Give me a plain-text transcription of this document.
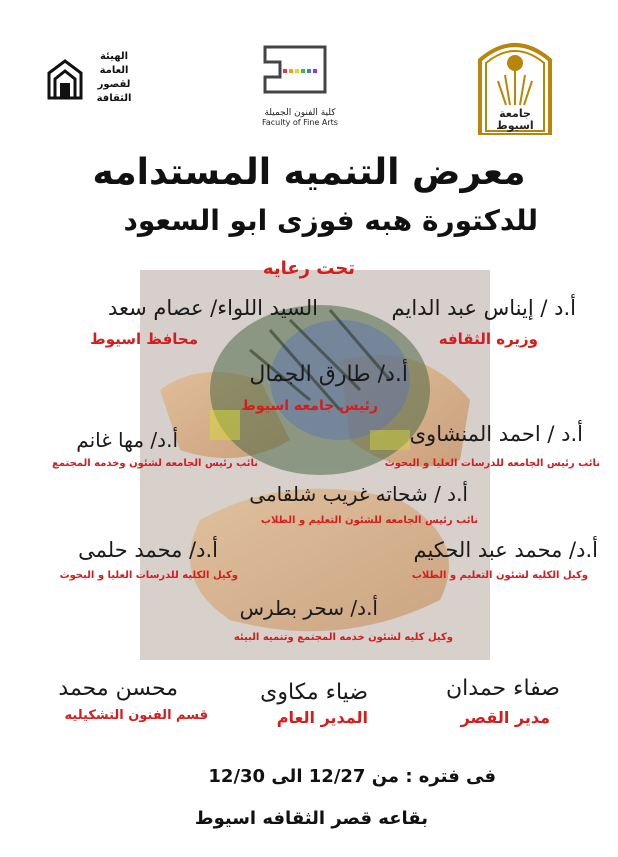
جامعة
اسيوط
كلية الفنون الجميلة
Faculty of Fine Arts
الهيئة العامة لقصور الثقافة
معرض التنميه المستدامه
للدكتورة هبه فوزى ابو السعود
تحت رعايه
أ.د / إيناس عبد الدايم
وزيره الثقافه
السيد اللواء/ عصام سعد
محافظ اسيوط
أ.د/ طارق الجمال
رئيس جامعه اسيوط
أ.د / احمد المنشاوى
نائب رئيس الجامعه للدرسات العليا و البحوث
أ.د/ مها غانم
نائب رئيس الجامعه لشئون وخدمه المجتمع
أ.د / شحاته غريب شلقامى
نائب رئيس الجامعه للشئون التعليم و الطلاب
أ.د/ محمد عبد الحكيم
وكيل الكليه لشئون التعليم و الطلاب
أ.د/ محمد حلمى
وكيل الكليه للدرسات العليا و البحوث
أ.د/ سحر بطرس
وكيل كليه لشئون خدمه المجتمع وتنميه البيئه
صفاء حمدان
مدير القصر
ضياء مكاوى
المدير العام
محسن محمد
قسم الفنون التشكيليه
فى فتره : من 12/27 الى 12/30
بقاعه قصر الثقافه اسيوط
